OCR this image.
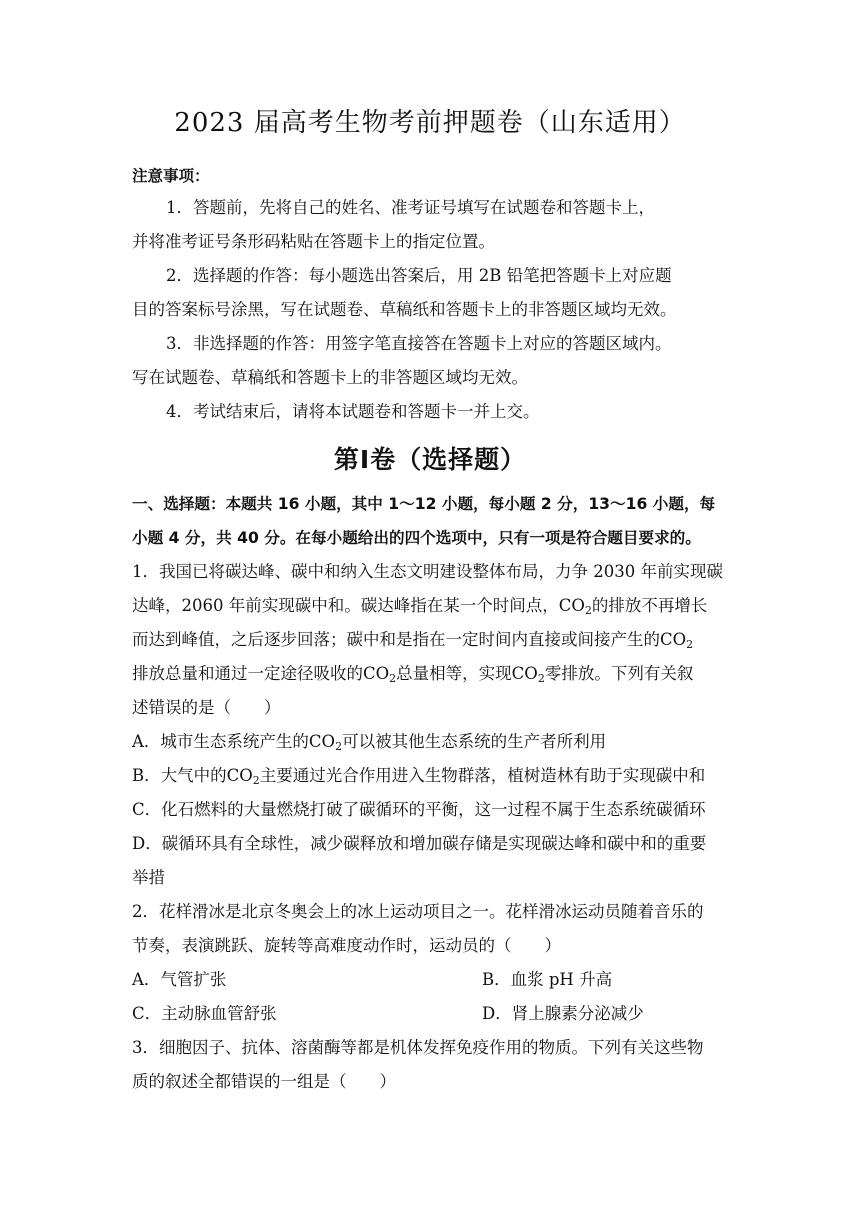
2023 届高考生物考前押题卷（山东适用）
注意事项：
1．答题前，先将自己的姓名、准考证号填写在试题卷和答题卡上，
并将准考证号条形码粘贴在答题卡上的指定位置。
2．选择题的作答：每小题选出答案后，用 2B 铅笔把答题卡上对应题
目的答案标号涂黑，写在试题卷、草稿纸和答题卡上的非答题区域均无效。
3．非选择题的作答：用签字笔直接答在答题卡上对应的答题区域内。
写在试题卷、草稿纸和答题卡上的非答题区域均无效。
4．考试结束后，请将本试题卷和答题卡一并上交。
第Ⅰ卷（选择题）
一、选择题：本题共 16 小题，其中 1～12 小题，每小题 2 分，13～16 小题，每
小题 4 分，共 40 分。在每小题给出的四个选项中，只有一项是符合题目要求的。
1．我国已将碳达峰、碳中和纳入生态文明建设整体布局，力争 2030 年前实现碳
达峰，2060 年前实现碳中和。碳达峰指在某一个时间点，$CO_2$的排放不再增长
而达到峰值，之后逐步回落；碳中和是指在一定时间内直接或间接产生的$CO_2$
排放总量和通过一定途径吸收的$CO_2$总量相等，实现$CO_2$零排放。下列有关叙
述错误的是（　　）
A．城市生态系统产生的$CO_2$可以被其他生态系统的生产者所利用
B．大气中的$CO_2$主要通过光合作用进入生物群落，植树造林有助于实现碳中和
C．化石燃料的大量燃烧打破了碳循环的平衡，这一过程不属于生态系统碳循环
D．碳循环具有全球性，减少碳释放和增加碳存储是实现碳达峰和碳中和的重要
举措
2．花样滑冰是北京冬奥会上的冰上运动项目之一。花样滑冰运动员随着音乐的
节奏，表演跳跃、旋转等高难度动作时，运动员的（　　）
A．气管扩张	B．血浆 pH 升高
C．主动脉血管舒张	D．肾上腺素分泌减少
3．细胞因子、抗体、溶菌酶等都是机体发挥免疫作用的物质。下列有关这些物
质的叙述全都错误的一组是（　　）
